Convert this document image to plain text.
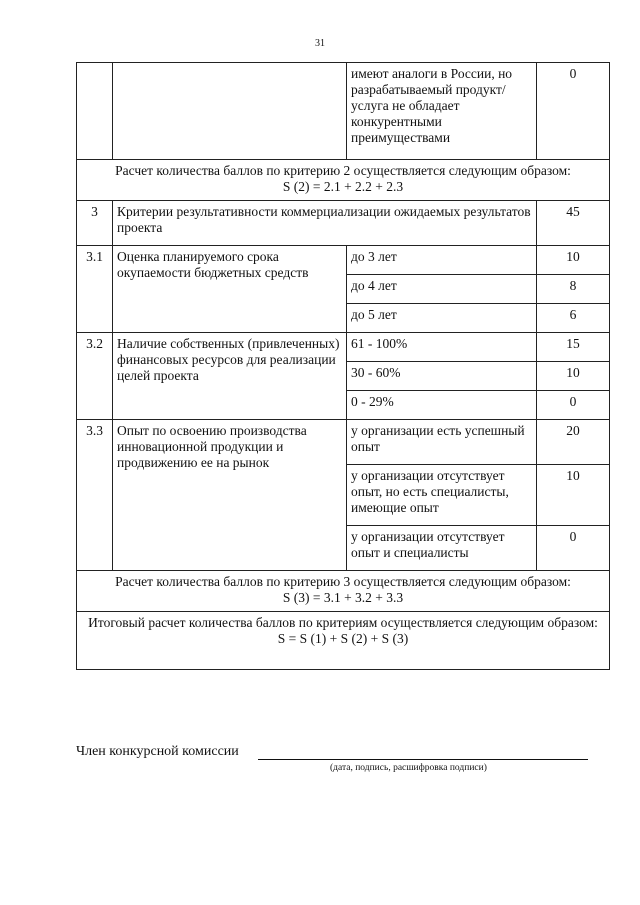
31
		имеют аналоги в России, но разрабатываемый продукт/услуга не обладает конкурентными преимуществами	0

Расчет количества баллов по критерию 2 осуществляется следующим образом:
S (2) = 2.1 + 2.2 + 2.3			

3	Критерии результативности коммерциализации ожидаемых результатов проекта		45
3.1	Оценка планируемого срока окупаемости бюджетных средств	до 3 лет	10
		до 4 лет	8
		до 5 лет	6
3.2	Наличие собственных (привлеченных) финансовых ресурсов для реализации целей проекта	61 - 100%	15
		30 - 60%	10
		0 - 29%	0
3.3	Опыт по освоению производства инновационной продукции и продвижению ее на рынок	у организации есть успешный опыт	20
		у организации отсутствует опыт, но есть специалисты, имеющие опыт	10
		у организации отсутствует опыт и специалисты	0

Расчет количества баллов по критерию 3 осуществляется следующим образом:
S (3) = 3.1 + 3.2 + 3.3			

Итоговый расчет количества баллов по критериям осуществляется следующим образом:
S = S (1) + S (2) + S (3)			
Член конкурсной комиссии
(дата, подпись, расшифровка подписи)
